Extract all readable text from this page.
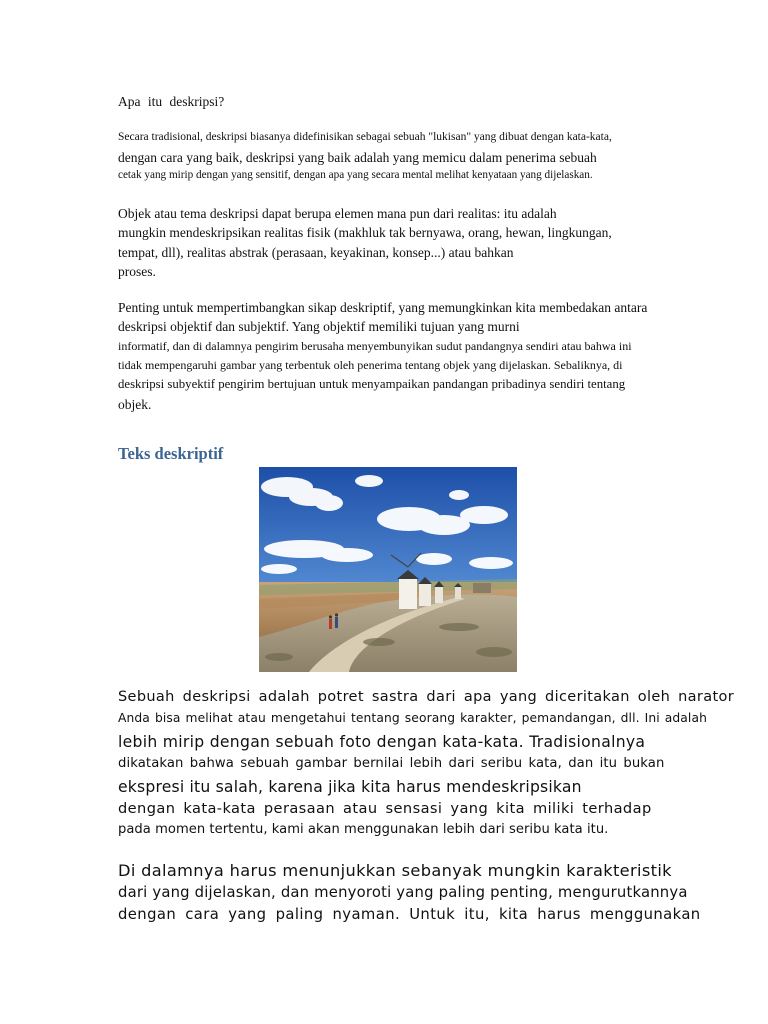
Apa itu deskripsi?
Secara tradisional, deskripsi biasanya didefinisikan sebagai sebuah "lukisan" yang dibuat dengan kata-kata,
dengan cara yang baik, deskripsi yang baik adalah yang memicu dalam penerima sebuah
cetak yang mirip dengan yang sensitif, dengan apa yang secara mental melihat kenyataan yang dijelaskan.
Objek atau tema deskripsi dapat berupa elemen mana pun dari realitas: itu adalah
mungkin mendeskripsikan realitas fisik (makhluk tak bernyawa, orang, hewan, lingkungan,
tempat, dll), realitas abstrak (perasaan, keyakinan, konsep...) atau bahkan
proses.
Penting untuk mempertimbangkan sikap deskriptif, yang memungkinkan kita membedakan antara
deskripsi objektif dan subjektif. Yang objektif memiliki tujuan yang murni
informatif, dan di dalamnya pengirim berusaha menyembunyikan sudut pandangnya sendiri atau bahwa ini
tidak mempengaruhi gambar yang terbentuk oleh penerima tentang objek yang dijelaskan. Sebaliknya, di
deskripsi subyektif pengirim bertujuan untuk menyampaikan pandangan pribadinya sendiri tentang
objek.
Teks deskriptif
Sebuah deskripsi adalah potret sastra dari apa yang diceritakan oleh narator
Anda bisa melihat atau mengetahui tentang seorang karakter, pemandangan, dll. Ini adalah
lebih mirip dengan sebuah foto dengan kata-kata. Tradisionalnya
dikatakan bahwa sebuah gambar bernilai lebih dari seribu kata, dan itu bukan
ekspresi itu salah, karena jika kita harus mendeskripsikan
dengan kata-kata perasaan atau sensasi yang kita miliki terhadap
pada momen tertentu, kami akan menggunakan lebih dari seribu kata itu.
Di dalamnya harus menunjukkan sebanyak mungkin karakteristik
dari yang dijelaskan, dan menyoroti yang paling penting, mengurutkannya
dengan cara yang paling nyaman. Untuk itu, kita harus menggunakan
